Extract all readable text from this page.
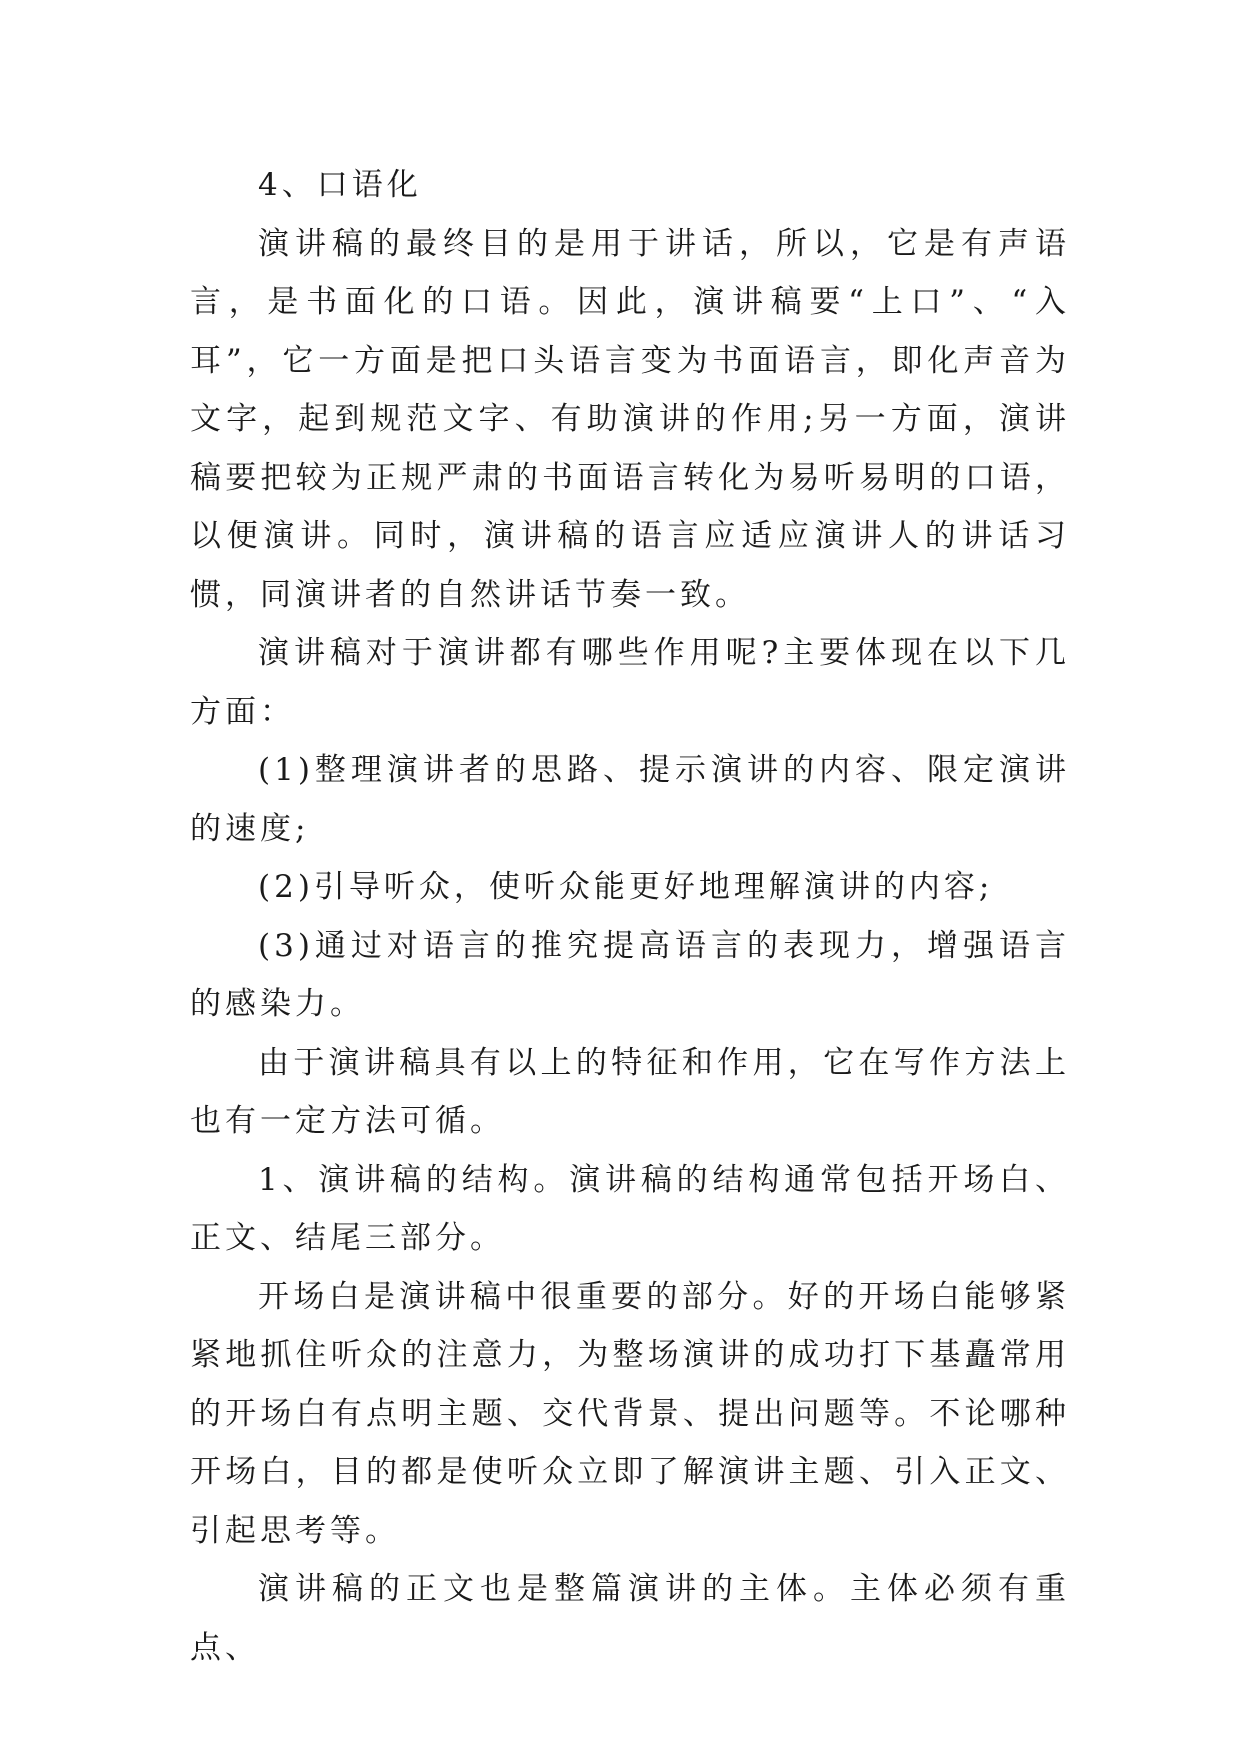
4、口语化

演讲稿的最终目的是用于讲话，所以，它是有声语言，是书面化的口语。因此，演讲稿要“上口”、“入耳”，它一方面是把口头语言变为书面语言，即化声音为文字，起到规范文字、有助演讲的作用;另一方面，演讲稿要把较为正规严肃的书面语言转化为易听易明的口语，以便演讲。同时，演讲稿的语言应适应演讲人的讲话习惯，同演讲者的自然讲话节奏一致。

演讲稿对于演讲都有哪些作用呢?主要体现在以下几方面：

(1)整理演讲者的思路、提示演讲的内容、限定演讲的速度;

(2)引导听众，使听众能更好地理解演讲的内容;

(3)通过对语言的推究提高语言的表现力，增强语言的感染力。

由于演讲稿具有以上的特征和作用，它在写作方法上也有一定方法可循。

1、演讲稿的结构。演讲稿的结构通常包括开场白、正文、结尾三部分。

开场白是演讲稿中很重要的部分。好的开场白能够紧紧地抓住听众的注意力，为整场演讲的成功打下基矗常用的开场白有点明主题、交代背景、提出问题等。不论哪种开场白，目的都是使听众立即了解演讲主题、引入正文、引起思考等。

演讲稿的正文也是整篇演讲的主体。主体必须有重点、
